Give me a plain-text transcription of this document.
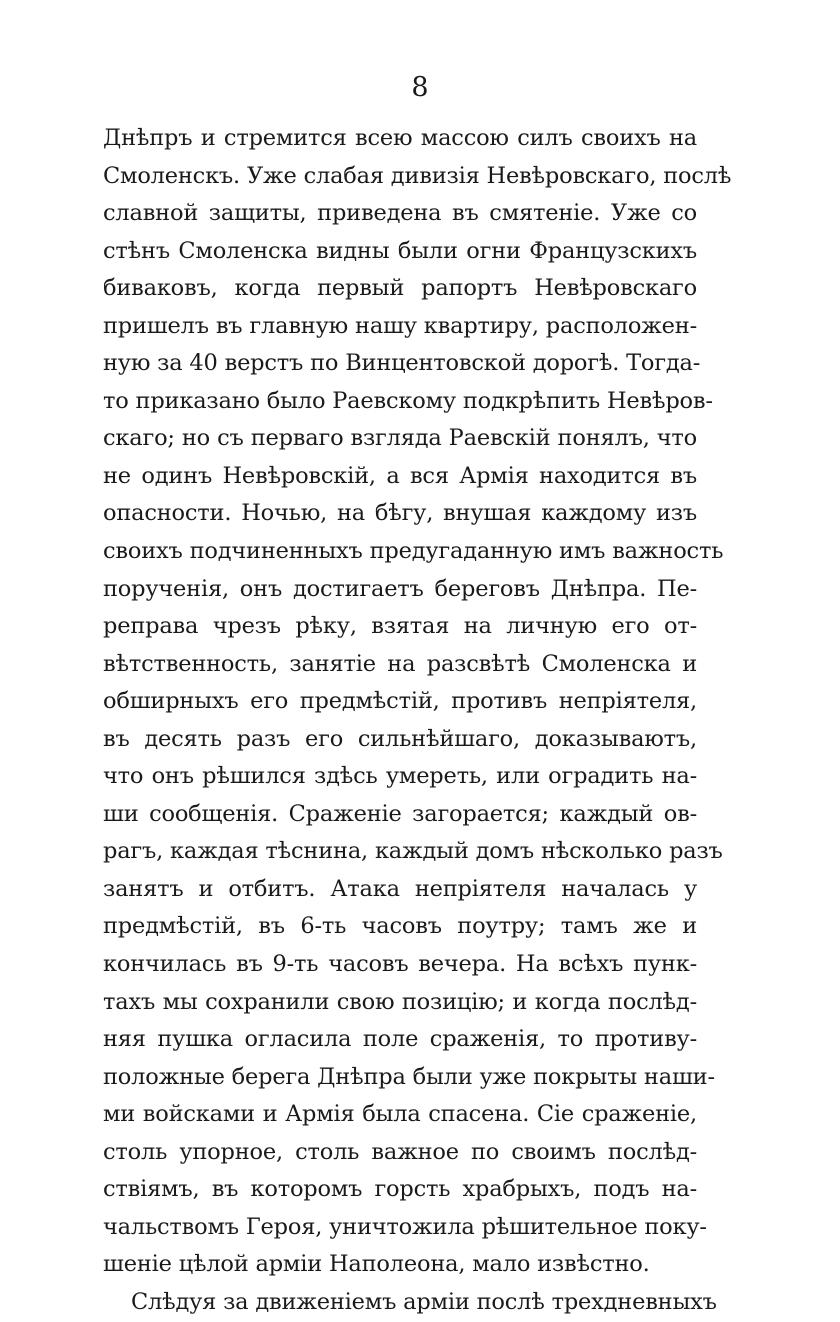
8
Днѣпръ и стремится всею массою силъ своихъ на
Смоленскъ. Уже слабая дивизія Невѣровскаго, послѣ
славной защиты, приведена въ смятеніе. Уже со
стѣнъ Смоленска видны были огни Французскихъ
биваковъ, когда первый рапортъ Невѣровскаго
пришелъ въ главную нашу квартиру, расположен-
ную за 40 верстъ по Винцентовской дорогѣ. Тогда-
то приказано было Раевскому подкрѣпить Невѣров-
скаго; но съ перваго взгляда Раевскій понялъ, что
не одинъ Невѣровскій, а вся Армія находится въ
опасности. Ночью, на бѣгу, внушая каждому изъ
своихъ подчиненныхъ предугаданную имъ важность
порученія, онъ достигаетъ береговъ Днѣпра. Пе-
реправа чрезъ рѣку, взятая на личную его от-
вѣтственность, занятіе на разсвѣтѣ Смоленска и
обширныхъ его предмѣстій, противъ непріятеля,
въ десять разъ его сильнѣйшаго, доказываютъ,
что онъ рѣшился здѣсь умереть, или оградить на-
ши сообщенія. Сраженіе загорается; каждый ов-
рагъ, каждая тѣснина, каждый домъ нѣсколько разъ
занятъ и отбитъ. Атака непріятеля началась у
предмѣстій, въ 6-ть часовъ поутру; тамъ же и
кончилась въ 9-ть часовъ вечера. На всѣхъ пунк-
тахъ мы сохранили свою позицію; и когда послѣд-
няя пушка огласила поле сраженія, то противу-
положные берега Днѣпра были уже покрыты наши-
ми войсками и Армія была спасена. Сіе сраженіе,
столь упорное, столь важное по своимъ послѣд-
ствіямъ, въ которомъ горсть храбрыхъ, подъ на-
чальствомъ Героя, уничтожила рѣшительное поку-
шеніе цѣлой арміи Наполеона, мало извѣстно.
Слѣдуя за движеніемъ арміи послѣ трехдневныхъ
